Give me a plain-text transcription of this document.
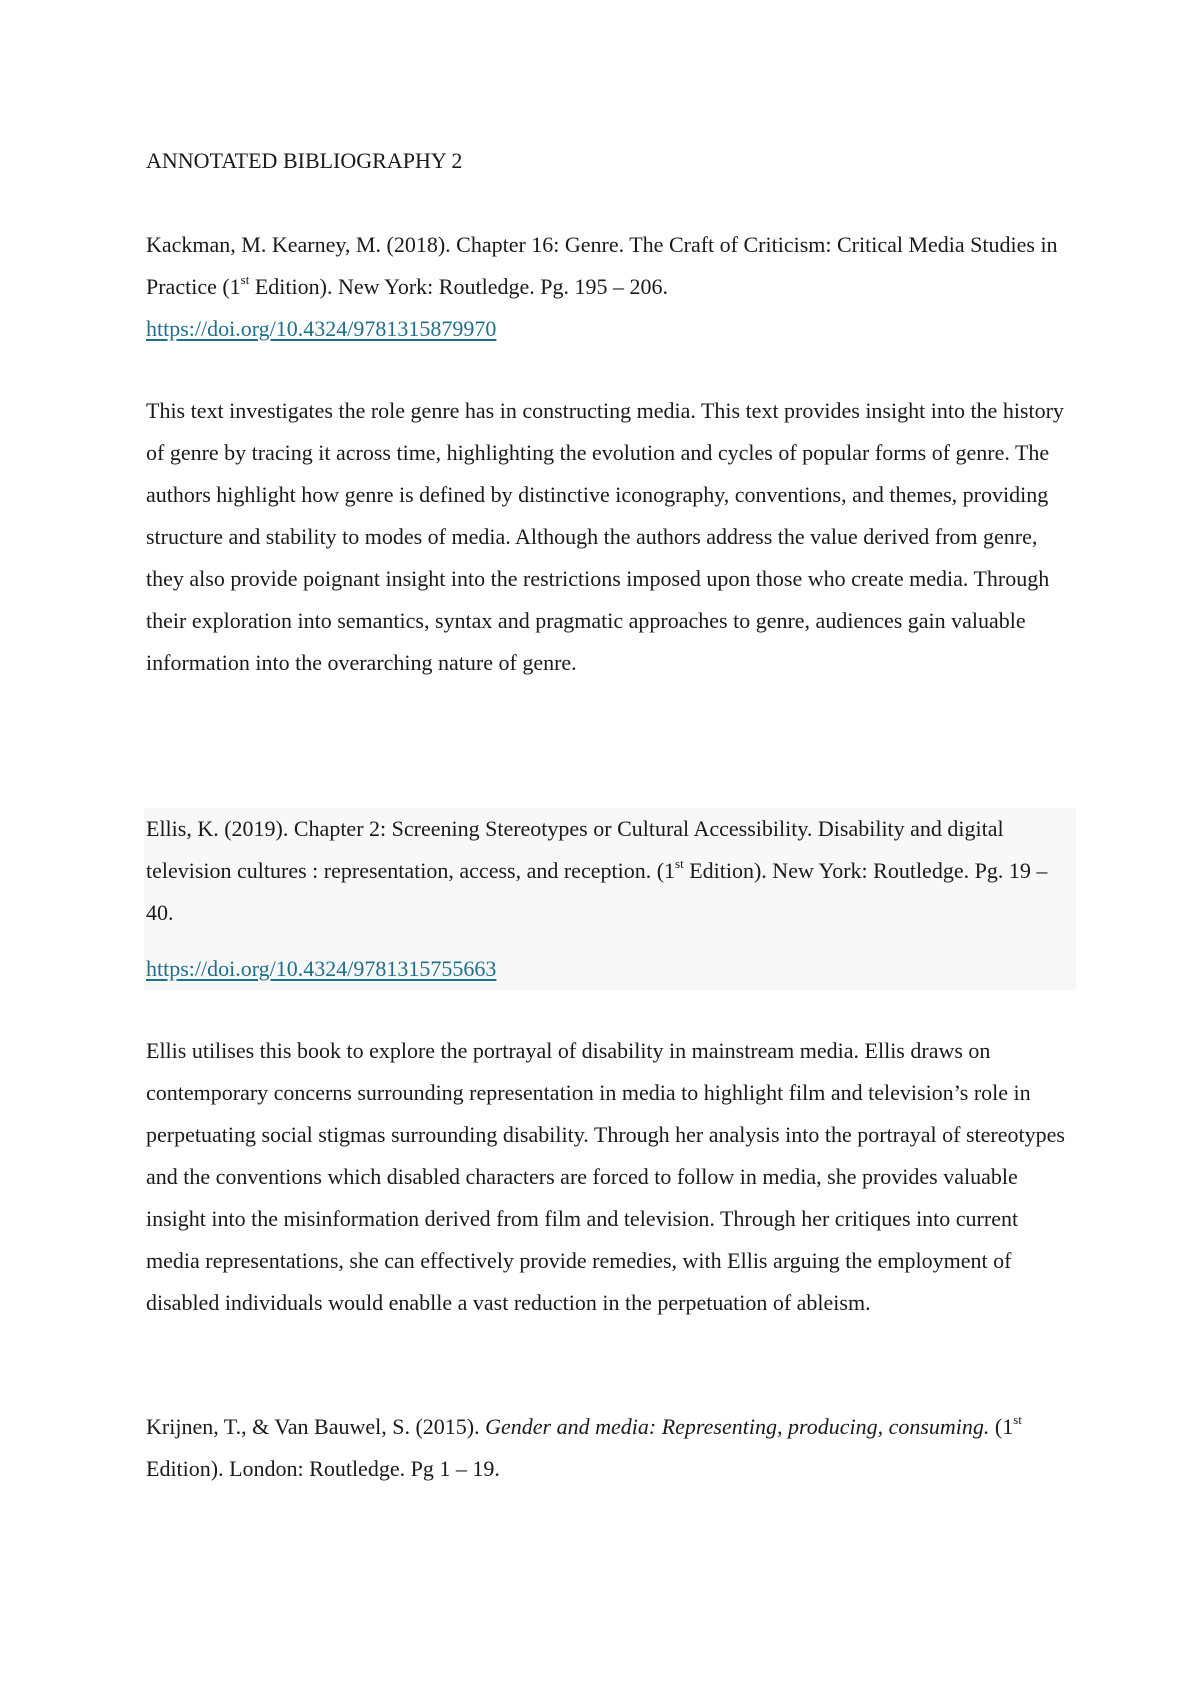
ANNOTATED BIBLIOGRAPHY 2

Kackman, M. Kearney, M. (2018). Chapter 16: Genre. The Craft of Criticism: Critical Media Studies in Practice (1st Edition). New York: Routledge. Pg. 195 – 206.
https://doi.org/10.4324/9781315879970

This text investigates the role genre has in constructing media. This text provides insight into the history of genre by tracing it across time, highlighting the evolution and cycles of popular forms of genre. The authors highlight how genre is defined by distinctive iconography, conventions, and themes, providing structure and stability to modes of media. Although the authors address the value derived from genre, they also provide poignant insight into the restrictions imposed upon those who create media. Through their exploration into semantics, syntax and pragmatic approaches to genre, audiences gain valuable information into the overarching nature of genre.

Ellis, K. (2019). Chapter 2: Screening Stereotypes or Cultural Accessibility. Disability and digital television cultures : representation, access, and reception. (1st Edition). New York: Routledge. Pg. 19 – 40.
https://doi.org/10.4324/9781315755663

Ellis utilises this book to explore the portrayal of disability in mainstream media. Ellis draws on contemporary concerns surrounding representation in media to highlight film and television’s role in perpetuating social stigmas surrounding disability. Through her analysis into the portrayal of stereotypes and the conventions which disabled characters are forced to follow in media, she provides valuable insight into the misinformation derived from film and television. Through her critiques into current media representations, she can effectively provide remedies, with Ellis arguing the employment of disabled individuals would enablle a vast reduction in the perpetuation of ableism.

Krijnen, T., & Van Bauwel, S. (2015). Gender and media: Representing, producing, consuming. (1st Edition). London: Routledge. Pg 1 – 19.
